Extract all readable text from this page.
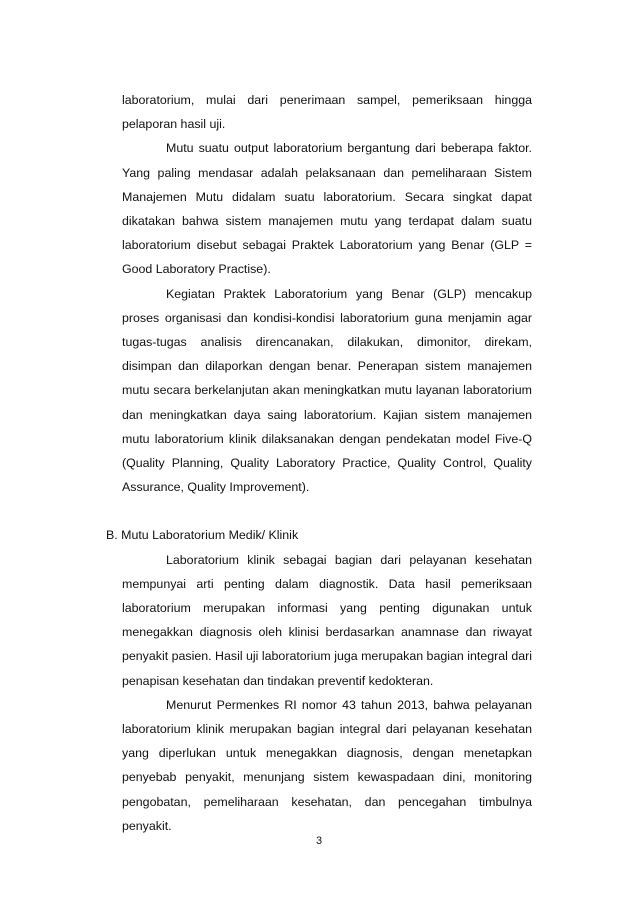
laboratorium, mulai dari penerimaan sampel, pemeriksaan hingga pelaporan hasil uji.

Mutu suatu output laboratorium bergantung dari beberapa faktor. Yang paling mendasar adalah pelaksanaan dan pemeliharaan Sistem Manajemen Mutu didalam suatu laboratorium. Secara singkat dapat dikatakan bahwa sistem manajemen mutu yang terdapat dalam suatu laboratorium disebut sebagai Praktek Laboratorium yang Benar (GLP = Good Laboratory Practise).

Kegiatan Praktek Laboratorium yang Benar (GLP) mencakup proses organisasi dan kondisi-kondisi laboratorium guna menjamin agar tugas-tugas analisis direncanakan, dilakukan, dimonitor, direkam, disimpan dan dilaporkan dengan benar. Penerapan sistem manajemen mutu secara berkelanjutan akan meningkatkan mutu layanan laboratorium dan meningkatkan daya saing laboratorium. Kajian sistem manajemen mutu laboratorium klinik dilaksanakan dengan pendekatan model Five-Q (Quality Planning, Quality Laboratory Practice, Quality Control, Quality Assurance, Quality Improvement).

B. Mutu Laboratorium Medik/ Klinik

Laboratorium klinik sebagai bagian dari pelayanan kesehatan mempunyai arti penting dalam diagnostik. Data hasil pemeriksaan laboratorium merupakan informasi yang penting digunakan untuk menegakkan diagnosis oleh klinisi berdasarkan anamnase dan riwayat penyakit pasien. Hasil uji laboratorium juga merupakan bagian integral dari penapisan kesehatan dan tindakan preventif kedokteran.

Menurut Permenkes RI nomor 43 tahun 2013, bahwa pelayanan laboratorium klinik merupakan bagian integral dari pelayanan kesehatan yang diperlukan untuk menegakkan diagnosis, dengan menetapkan penyebab penyakit, menunjang sistem kewaspadaan dini, monitoring pengobatan, pemeliharaan kesehatan, dan pencegahan timbulnya penyakit.

3
